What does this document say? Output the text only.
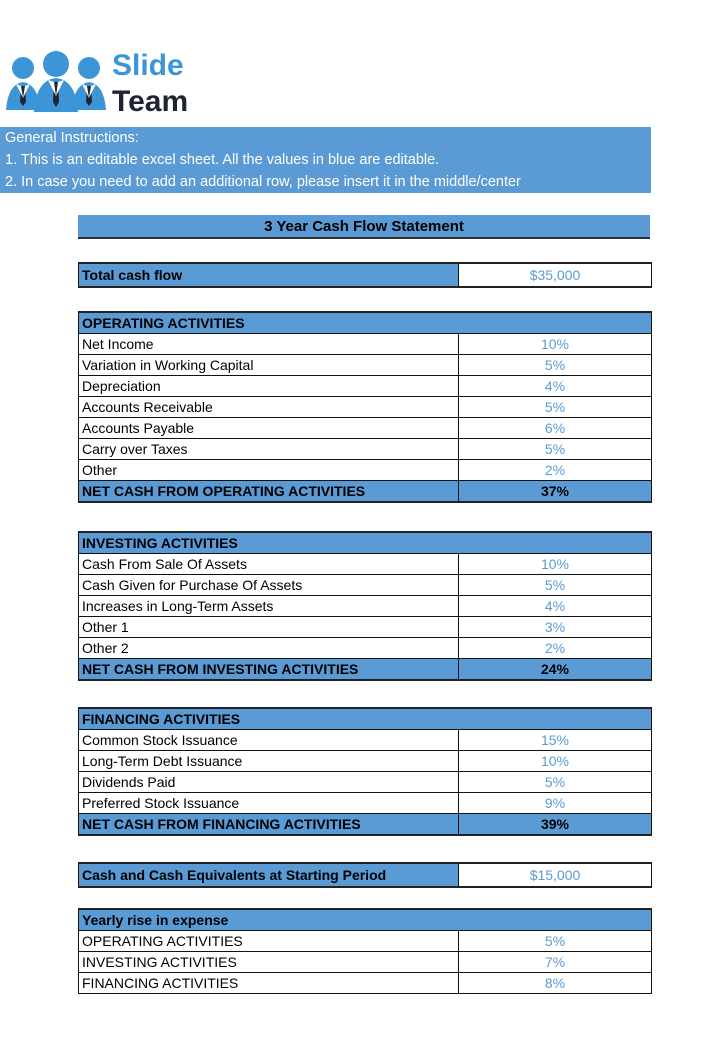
Slide
Team
General Instructions:
1. This is an editable excel sheet. All the values in blue are editable.
2. In case you need to add an additional row, please insert it in the middle/center
3 Year Cash Flow Statement
Total cash flow	$35,000
OPERATING ACTIVITIES	
Net Income	10%
Variation in Working Capital	5%
Depreciation	4%
Accounts Receivable	5%
Accounts Payable	6%
Carry over Taxes	5%
Other	2%
NET CASH FROM OPERATING ACTIVITIES	37%
INVESTING ACTIVITIES	
Cash From Sale Of Assets	10%
Cash Given for Purchase Of Assets	5%
Increases in Long-Term Assets	4%
Other 1	3%
Other 2	2%
NET CASH FROM INVESTING ACTIVITIES	24%
FINANCING ACTIVITIES	
Common Stock Issuance	15%
Long-Term Debt Issuance	10%
Dividends Paid	5%
Preferred Stock Issuance	9%
NET CASH FROM FINANCING ACTIVITIES	39%
Cash and Cash Equivalents at Starting Period	$15,000
Yearly rise in expense	
OPERATING ACTIVITIES	5%
INVESTING ACTIVITIES	7%
FINANCING ACTIVITIES	8%
